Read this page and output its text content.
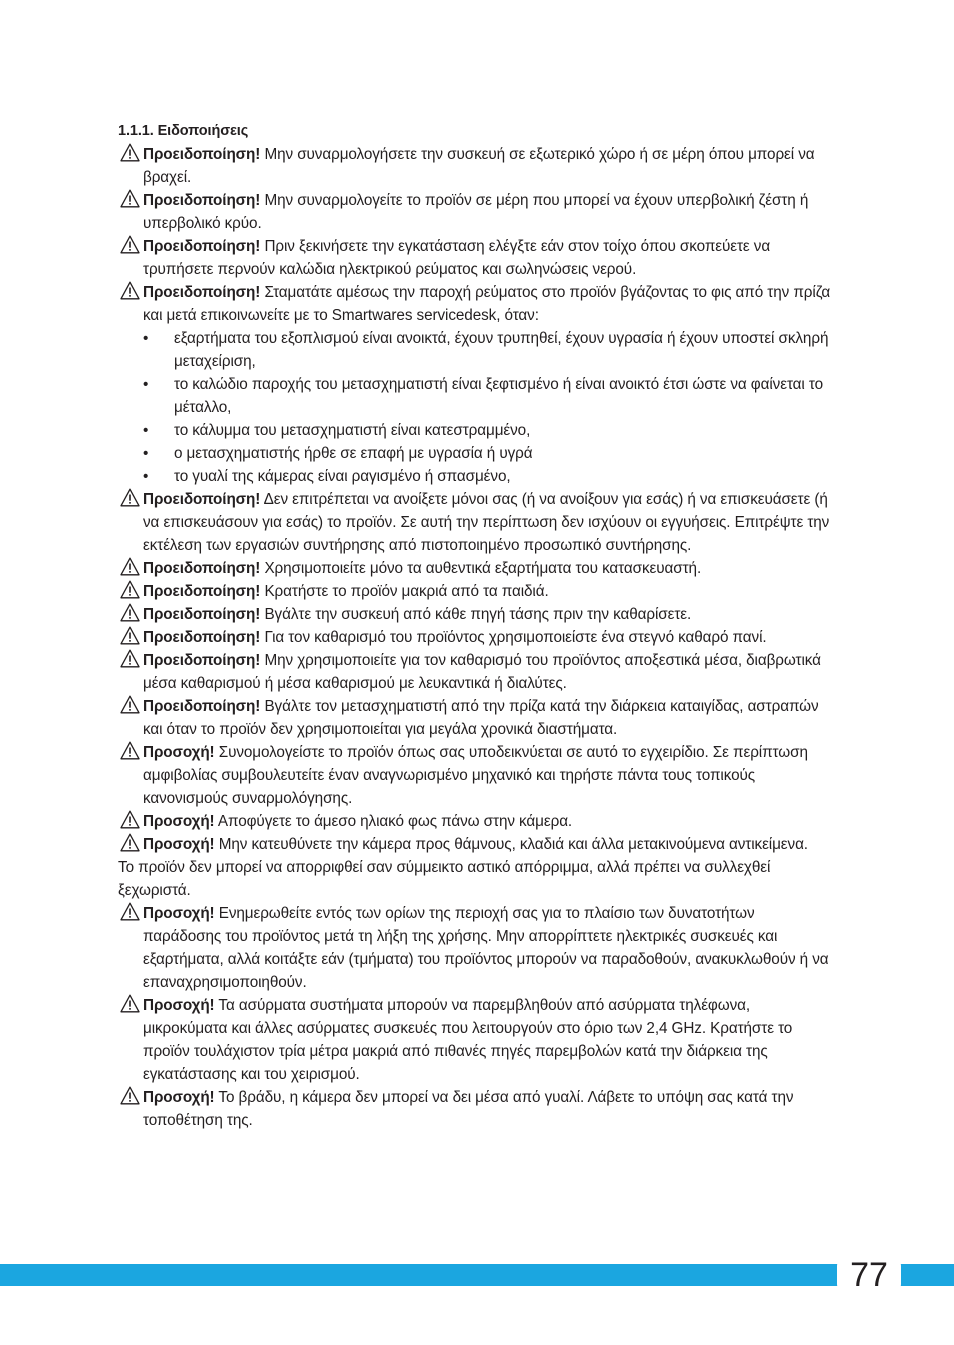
1.1.1. Ειδοποιήσεις

Προειδοποίηση! Μην συναρμολογήσετε την συσκευή σε εξωτερικό χώρο ή σε μέρη όπου μπορεί να βραχεί.

Προειδοποίηση! Μην συναρμολογείτε το προϊόν σε μέρη που μπορεί να έχουν υπερβολική ζέστη ή υπερβολικό κρύο.

Προειδοποίηση! Πριν ξεκινήσετε την εγκατάσταση ελέγξτε εάν στον τοίχο όπου σκοπεύετε να τρυπήσετε περνούν καλώδια ηλεκτρικού ρεύματος και σωληνώσεις νερού.

Προειδοποίηση! Σταματάτε αμέσως την παροχή ρεύματος στο προϊόν βγάζοντας το φις από την πρίζα και μετά επικοινωνείτε με το Smartwares servicedesk, όταν:

• εξαρτήματα του εξοπλισμού είναι ανοικτά, έχουν τρυπηθεί, έχουν υγρασία ή έχουν υποστεί σκληρή μεταχείριση,

• το καλώδιο παροχής του μετασχηματιστή είναι ξεφτισμένο ή είναι ανοικτό έτσι ώστε να φαίνεται το μέταλλο,

• το κάλυμμα του μετασχηματιστή είναι κατεστραμμένο,

• ο μετασχηματιστής ήρθε σε επαφή με υγρασία ή υγρά

• το γυαλί της κάμερας είναι ραγισμένο ή σπασμένο,

Προειδοποίηση! Δεν επιτρέπεται να ανοίξετε μόνοι σας (ή να ανοίξουν για εσάς) ή να επισκευάσετε (ή να επισκευάσουν για εσάς) το προϊόν. Σε αυτή την περίπτωση δεν ισχύουν οι εγγυήσεις. Επιτρέψτε την εκτέλεση των εργασιών συντήρησης από πιστοποιημένο προσωπικό συντήρησης.

Προειδοποίηση! Χρησιμοποιείτε μόνο τα αυθεντικά εξαρτήματα του κατασκευαστή.

Προειδοποίηση! Κρατήστε το προϊόν μακριά από τα παιδιά.

Προειδοποίηση! Βγάλτε την συσκευή από κάθε πηγή τάσης πριν την καθαρίσετε.

Προειδοποίηση! Για τον καθαρισμό του προϊόντος χρησιμοποιείστε ένα στεγνό καθαρό πανί.

Προειδοποίηση! Μην χρησιμοποιείτε για τον καθαρισμό του προϊόντος αποξεστικά μέσα, διαβρωτικά μέσα καθαρισμού ή μέσα καθαρισμού με λευκαντικά ή διαλύτες.

Προειδοποίηση! Βγάλτε τον μετασχηματιστή από την πρίζα κατά την διάρκεια καταιγίδας, αστραπών και όταν το προϊόν δεν χρησιμοποιείται για μεγάλα χρονικά διαστήματα.

Προσοχή! Συνομολογείστε το προϊόν όπως σας υποδεικνύεται σε αυτό το εγχειρίδιο. Σε περίπτωση αμφιβολίας συμβουλευτείτε έναν αναγνωρισμένο μηχανικό και τηρήστε πάντα τους τοπικούς κανονισμούς συναρμολόγησης.

Προσοχή! Αποφύγετε το άμεσο ηλιακό φως πάνω στην κάμερα.

Προσοχή! Μην κατευθύνετε την κάμερα προς θάμνους, κλαδιά και άλλα μετακινούμενα αντικείμενα.

Το προϊόν δεν μπορεί να απορριφθεί σαν σύμμεικτο αστικό απόρριμμα, αλλά πρέπει να συλλεχθεί ξεχωριστά.

Προσοχή! Ενημερωθείτε εντός των ορίων της περιοχή σας για το πλαίσιο των δυνατοτήτων παράδοσης του προϊόντος μετά τη λήξη της χρήσης. Μην απορρίπτετε ηλεκτρικές συσκευές και εξαρτήματα, αλλά κοιτάξτε εάν (τμήματα) του προϊόντος μπορούν να παραδοθούν, ανακυκλωθούν ή να επαναχρησιμοποιηθούν.

Προσοχή! Τα ασύρματα συστήματα μπορούν να παρεμβληθούν από ασύρματα τηλέφωνα, μικροκύματα και άλλες ασύρματες συσκευές που λειτουργούν στο όριο των 2,4 GHz. Κρατήστε το προϊόν τουλάχιστον τρία μέτρα μακριά από πιθανές πηγές παρεμβολών κατά την διάρκεια της εγκατάστασης και του χειρισμού.

Προσοχή! Το βράδυ, η κάμερα δεν μπορεί να δει μέσα από γυαλί. Λάβετε το υπόψη σας κατά την τοποθέτηση της.

77
